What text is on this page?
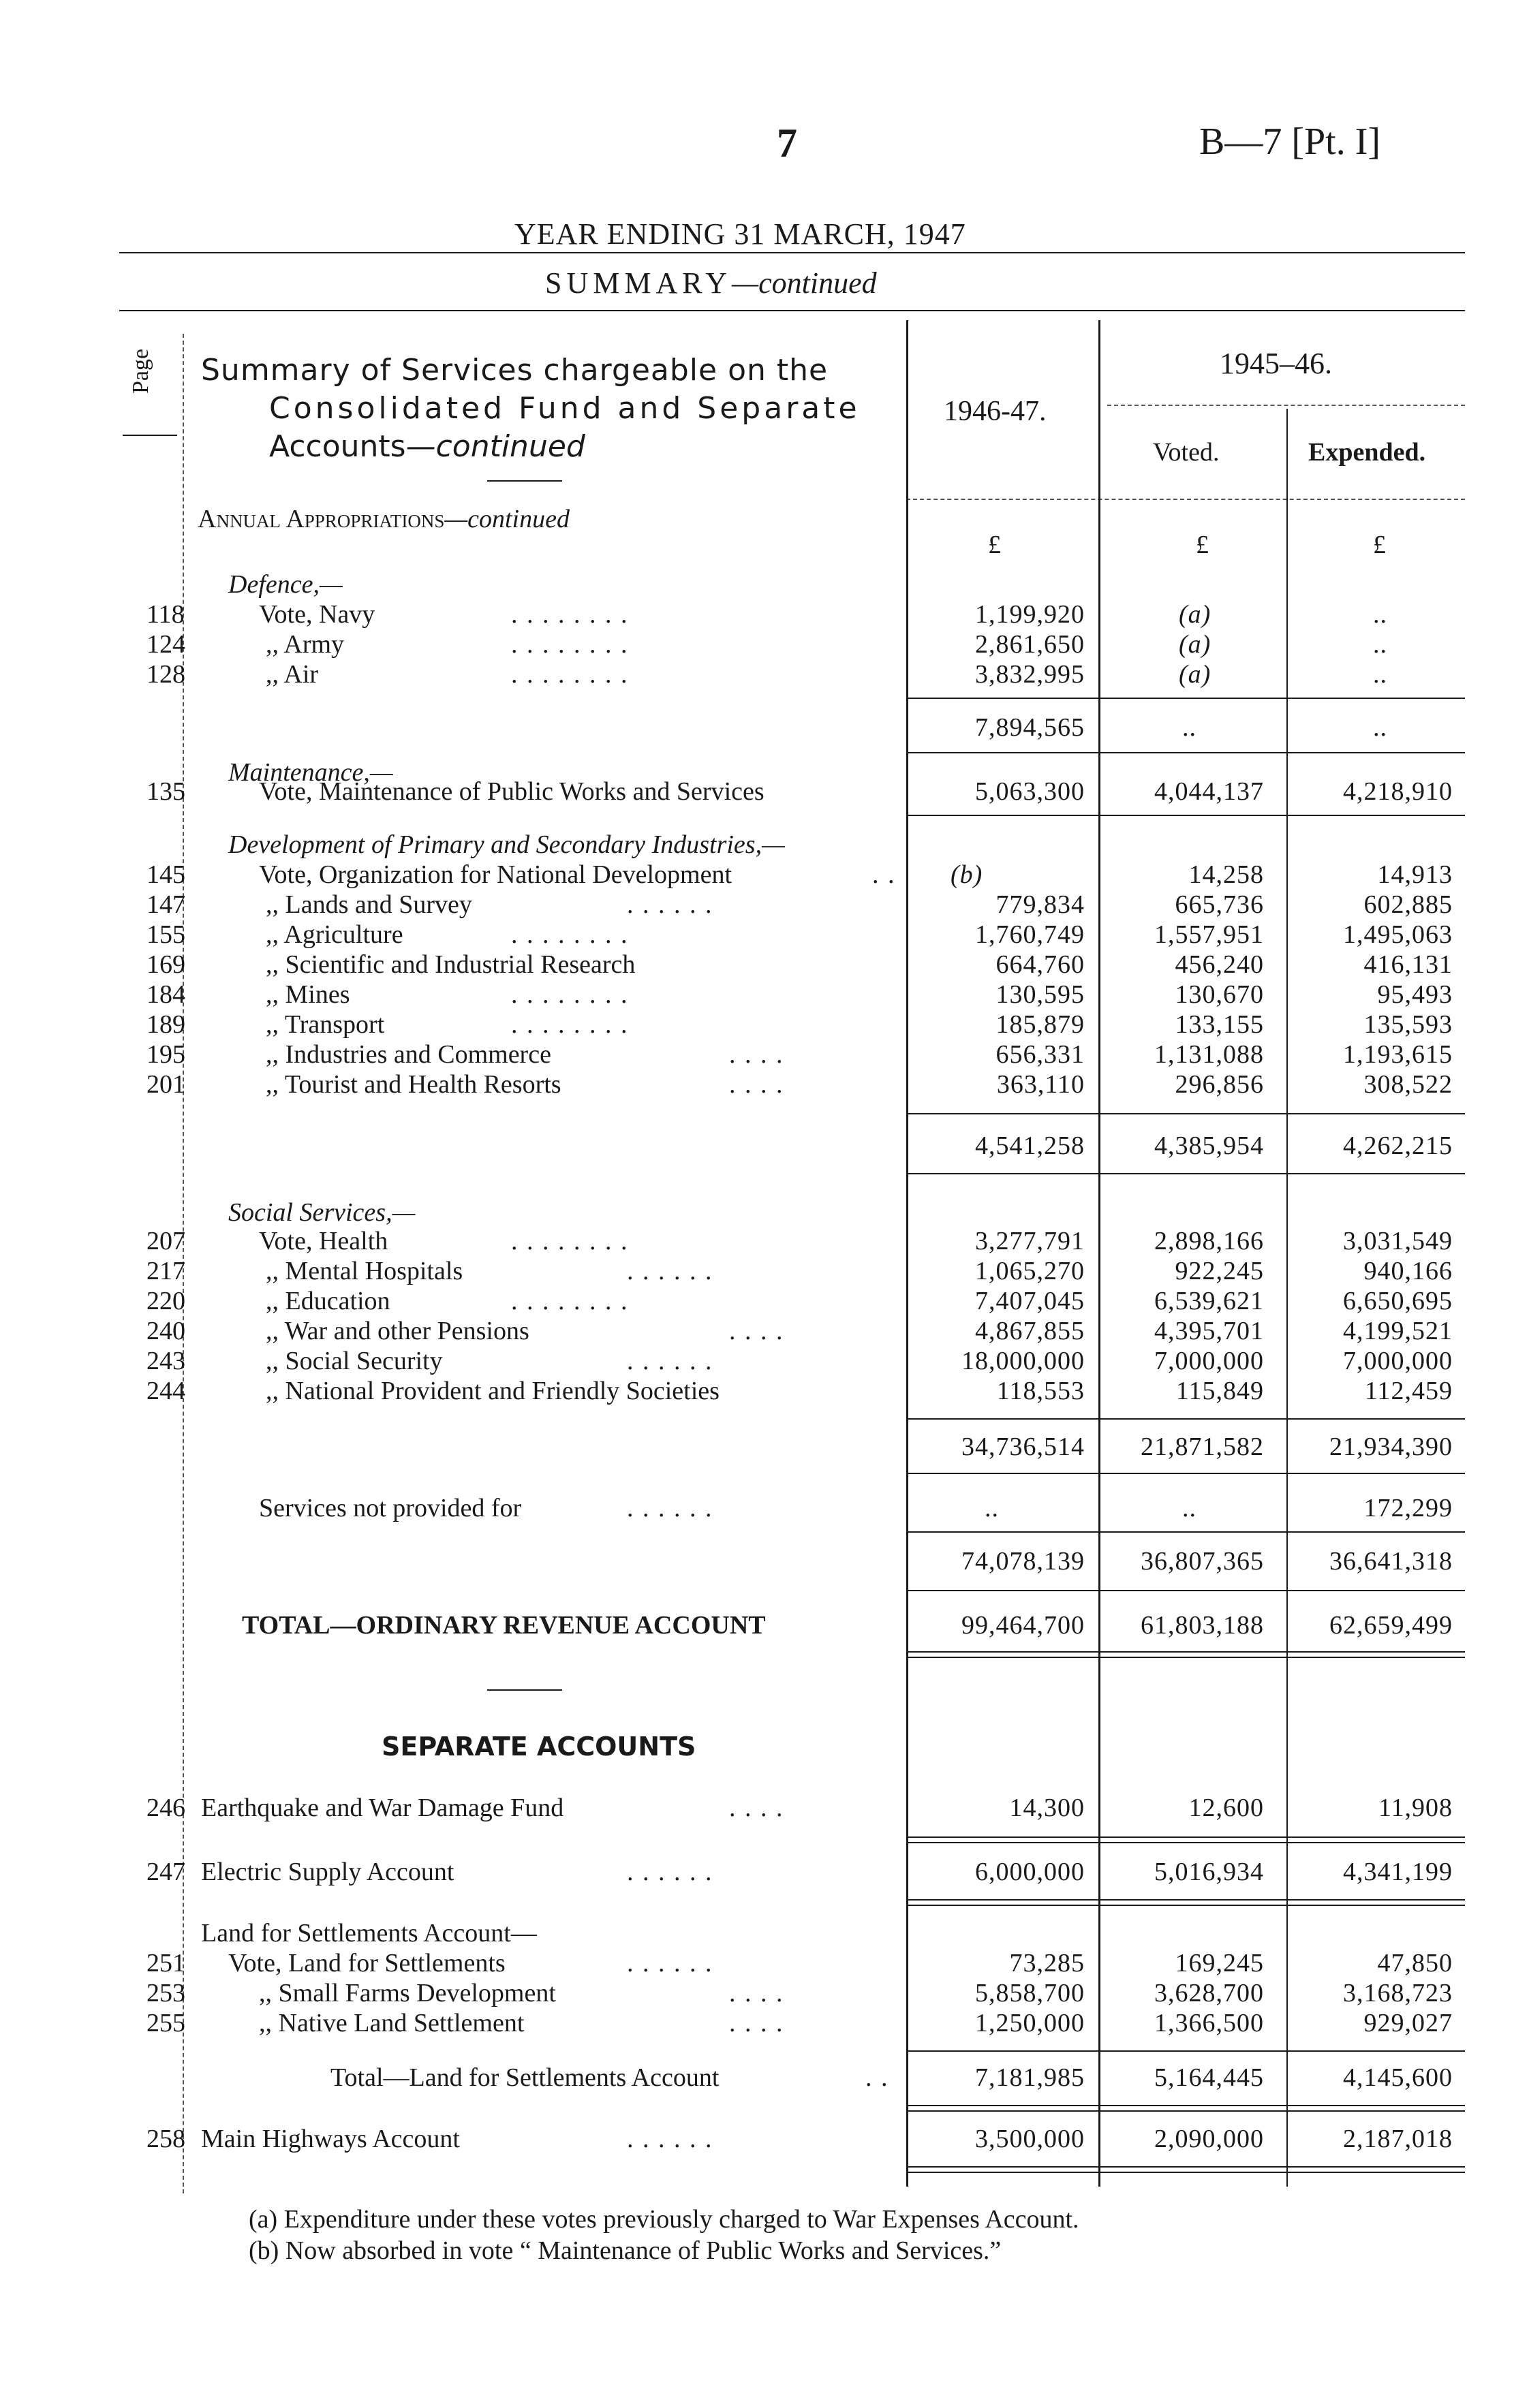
7	B—7 [Pt. I]
YEAR ENDING 31 MARCH, 1947
SUMMARY—continued
Page Summary of Services chargeable on the
Consolidated Fund and Separate
Accounts—continued
1946-47.
1945–46.
Voted.	Expended.
Annual Appropriations—continued
£	£	£
Defence,—
118	Vote, Navy	. . . . . . . .	1,199,920	(a)	..
124	,, Army	. . . . . . . .	2,861,650	(a)	..
128	,, Air	. . . . . . . .	3,832,995	(a)	..
7,894,565	..	..
Maintenance,—
135	Vote, Maintenance of Public Works and Services	5,063,300	4,044,137	4,218,910
Development of Primary and Secondary Industries,—
145	Vote, Organization for National Development	. .	(b)	14,258	14,913
147	,, Lands and Survey	. . . . . .	779,834	665,736	602,885
155	,, Agriculture	. . . . . . . .	1,760,749	1,557,951	1,495,063
169	,, Scientific and Industrial Research	664,760	456,240	416,131
184	,, Mines	. . . . . . . .	130,595	130,670	95,493
189	,, Transport	. . . . . . . .	185,879	133,155	135,593
195	,, Industries and Commerce	. . . .	656,331	1,131,088	1,193,615
201	,, Tourist and Health Resorts	. . . .	363,110	296,856	308,522
4,541,258	4,385,954	4,262,215
Social Services,—
207	Vote, Health	. . . . . . . .	3,277,791	2,898,166	3,031,549
217	,, Mental Hospitals	. . . . . .	1,065,270	922,245	940,166
220	,, Education	. . . . . . . .	7,407,045	6,539,621	6,650,695
240	,, War and other Pensions	. . . .	4,867,855	4,395,701	4,199,521
243	,, Social Security	. . . . . .	18,000,000	7,000,000	7,000,000
244	,, National Provident and Friendly Societies	118,553	115,849	112,459
34,736,514	21,871,582	21,934,390
Services not provided for	. . . . . .	..	..	172,299
74,078,139	36,807,365	36,641,318
TOTAL—ORDINARY REVENUE ACCOUNT	99,464,700	61,803,188	62,659,499
SEPARATE ACCOUNTS
246 Earthquake and War Damage Fund	. . . .	14,300	12,600	11,908
247 Electric Supply Account	. . . . . .	6,000,000	5,016,934	4,341,199
Land for Settlements Account—
251 Vote, Land for Settlements	. . . . . .	73,285	169,245	47,850
253	,, Small Farms Development	. . . .	5,858,700	3,628,700	3,168,723
255	,, Native Land Settlement	. . . .	1,250,000	1,366,500	929,027
Total—Land for Settlements Account	. .	7,181,985	5,164,445	4,145,600
258 Main Highways Account	. . . . . .	3,500,000	2,090,000	2,187,018
(a) Expenditure under these votes previously charged to War Expenses Account.
(b) Now absorbed in vote “ Maintenance of Public Works and Services.”
